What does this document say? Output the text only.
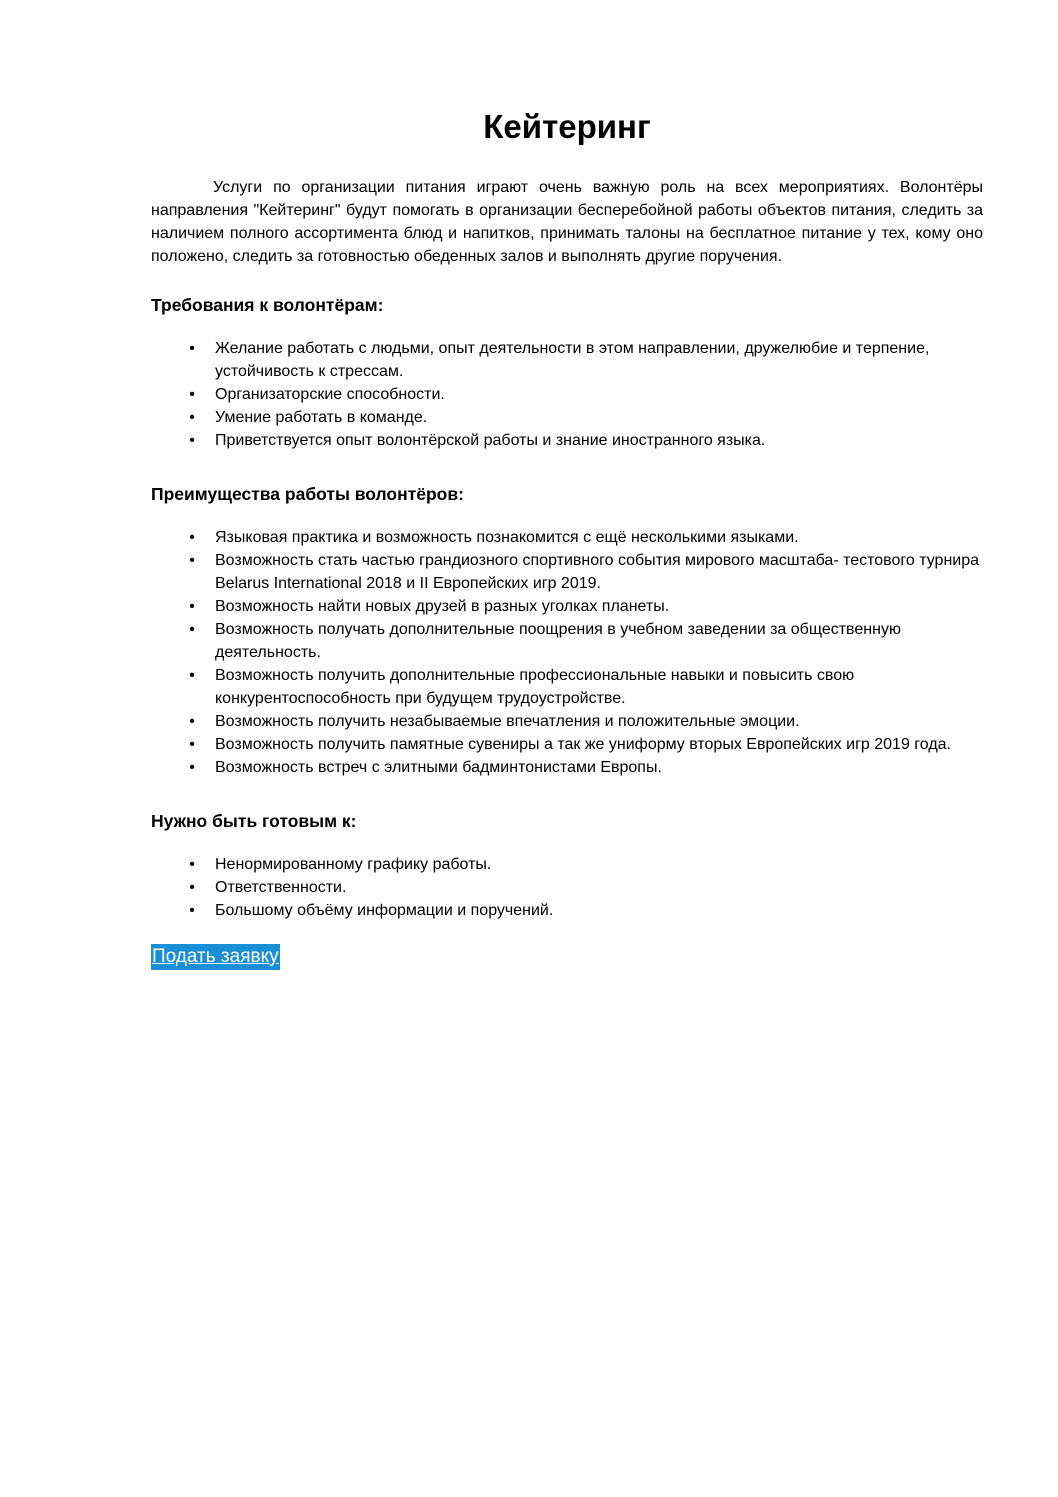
Кейтеринг

Услуги по организации питания играют очень важную роль на всех мероприятиях. Волонтёры направления "Кейтеринг" будут помогать в организации бесперебойной работы объектов питания, следить за наличием полного ассортимента блюд и напитков, принимать талоны на бесплатное питание у тех, кому оно положено, следить за готовностью обеденных залов и выполнять другие поручения.

Требования к волонтёрам:
• Желание работать с людьми, опыт деятельности в этом направлении, дружелюбие и терпение, устойчивость к стрессам.
• Организаторские способности.
• Умение работать в команде.
• Приветствуется опыт волонтёрской работы и знание иностранного языка.
Преимущества работы волонтёров:
• Языковая практика и возможность познакомится с ещё несколькими языками.
• Возможность стать частью грандиозного спортивного события мирового масштаба- тестового турнира Belarus International 2018 и II Европейских игр 2019.
• Возможность найти новых друзей в разных уголках планеты.
• Возможность получать дополнительные поощрения в учебном заведении за общественную деятельность.
• Возможность получить дополнительные профессиональные навыки и повысить свою конкурентоспособность при будущем трудоустройстве.
• Возможность получить незабываемые впечатления и положительные эмоции.
• Возможность получить памятные сувениры а так же униформу вторых Европейских игр 2019 года.
• Возможность встреч с элитными бадминтонистами Европы.
Нужно быть готовым к:
• Ненормированному графику работы.
• Ответственности.
• Большому объёму информации и поручений.
Подать заявку
